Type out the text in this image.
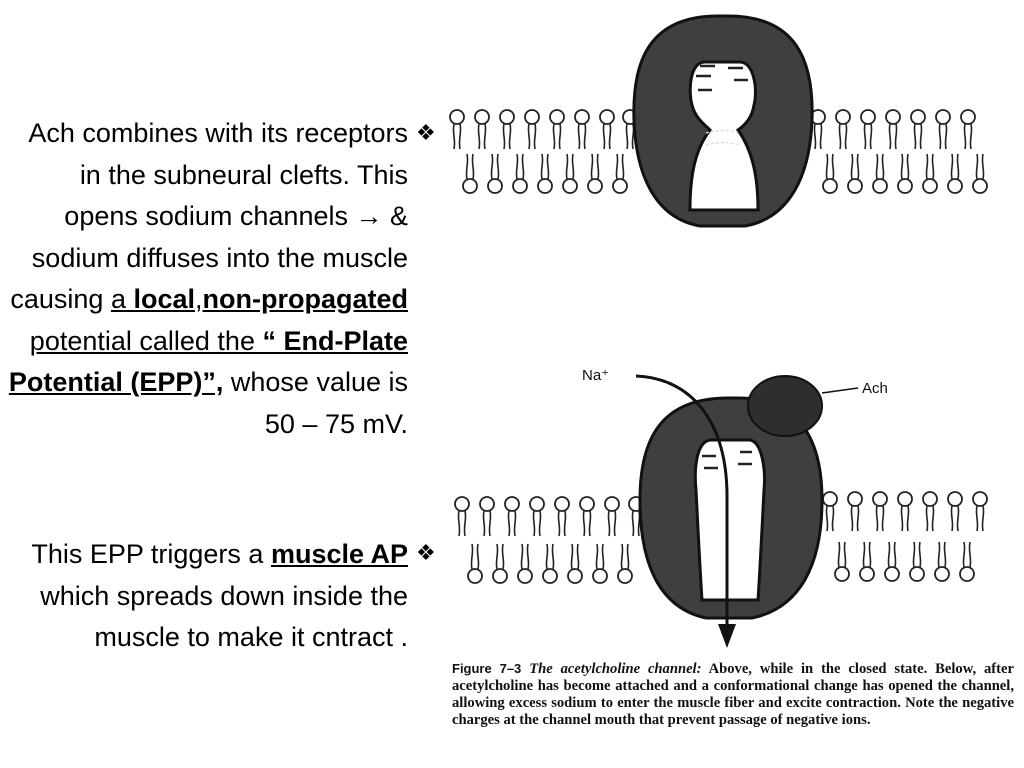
Ach combines with its receptors in the subneural clefts. This opens sodium channels → & sodium diffuses into the muscle causing a local,non-propagated potential called the “ End-Plate Potential (EPP)”, whose value is 50 – 75 mV.

❖

This EPP triggers a muscle AP which spreads down inside the muscle to make it cntract .

❖
Na⁺
Ach
Figure 7–3 The acetylcholine channel: Above, while in the closed state. Below, after acetylcholine has become attached and a conformational change has opened the channel, allowing excess sodium to enter the muscle fiber and excite contraction. Note the negative charges at the channel mouth that prevent passage of negative ions.
